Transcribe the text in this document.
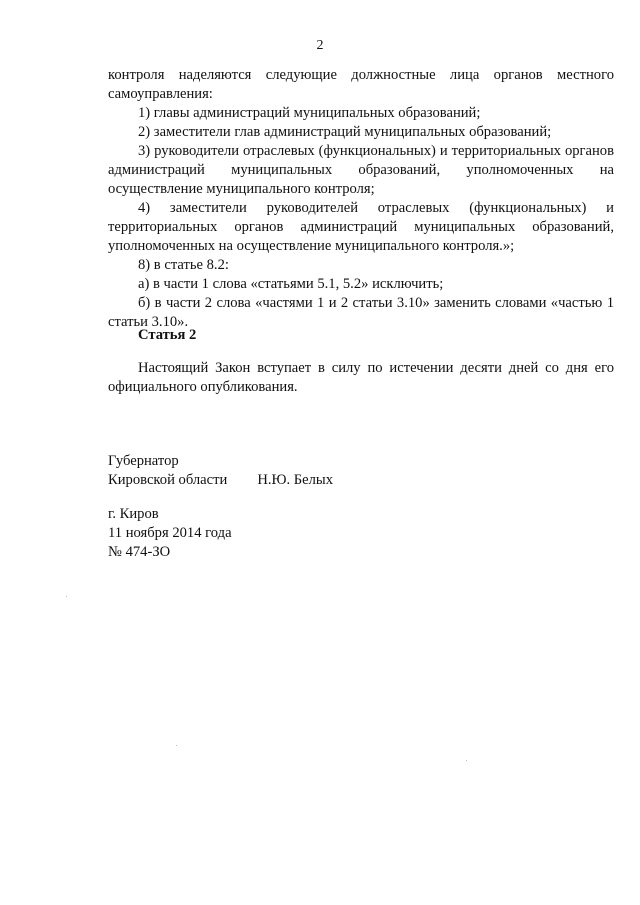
2

контроля наделяются следующие должностные лица органов местного самоуправления:

1) главы администраций муниципальных образований;

2) заместители глав администраций муниципальных образований;

3) руководители отраслевых (функциональных) и территориальных органов администраций муниципальных образований, уполномоченных на осуществление муниципального контроля;

4) заместители руководителей отраслевых (функциональных) и территориальных органов администраций муниципальных образований, уполномоченных на осуществление муниципального контроля.»;

8) в статье 8.2:

а) в части 1 слова «статьями 5.1, 5.2» исключить;

б) в части 2 слова «частями 1 и 2 статьи 3.10» заменить словами «частью 1 статьи 3.10».

Статья 2

Настоящий Закон вступает в силу по истечении десяти дней со дня его официального опубликования.

Губернатор
Кировской области Н.Ю. Белых
г. Киров
11 ноября 2014 года
№ 474-ЗО
